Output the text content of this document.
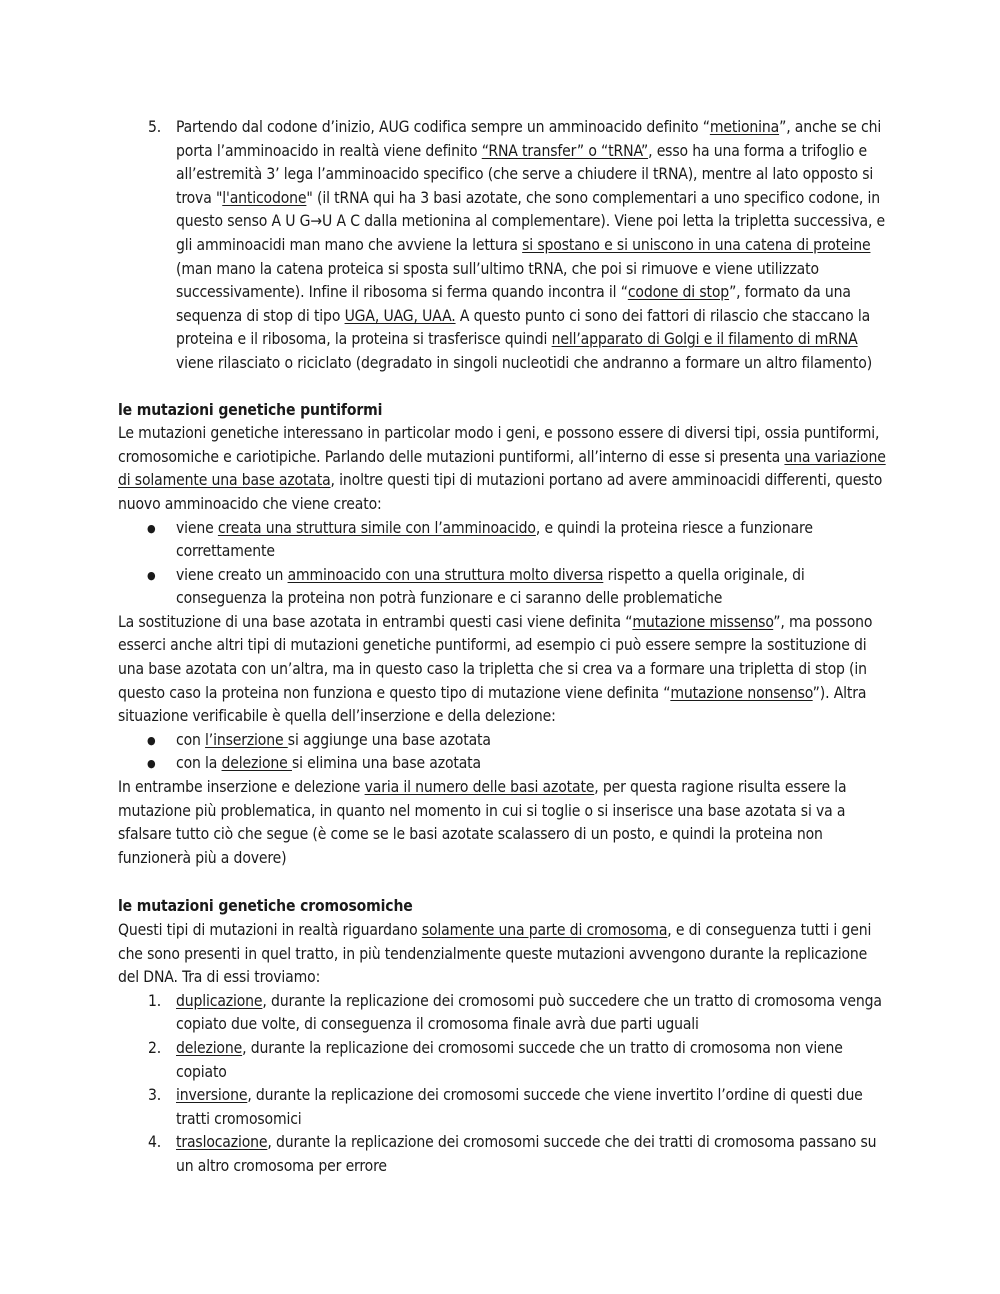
5. Partendo dal codone d’inizio, AUG codifica sempre un amminoacido definito “metionina”, anche se chi porta l’amminoacido in realtà viene definito “RNA transfer” o “tRNA”, esso ha una forma a trifoglio e all’estremità 3’ lega l’amminoacido specifico (che serve a chiudere il tRNA), mentre al lato opposto si trova "l'anticodone" (il tRNA qui ha 3 basi azotate, che sono complementari a uno specifico codone, in questo senso A U G→U A C dalla metionina al complementare). Viene poi letta la tripletta successiva, e gli amminoacidi man mano che avviene la lettura si spostano e si uniscono in una catena di proteine (man mano la catena proteica si sposta sull’ultimo tRNA, che poi si rimuove e viene utilizzato successivamente). Infine il ribosoma si ferma quando incontra il “codone di stop”, formato da una sequenza di stop di tipo UGA, UAG, UAA. A questo punto ci sono dei fattori di rilascio che staccano la proteina e il ribosoma, la proteina si trasferisce quindi nell’apparato di Golgi e il filamento di mRNA viene rilasciato o riciclato (degradato in singoli nucleotidi che andranno a formare un altro filamento)
le mutazioni genetiche puntiformi

Le mutazioni genetiche interessano in particolar modo i geni, e possono essere di diversi tipi, ossia puntiformi, cromosomiche e cariotipiche. Parlando delle mutazioni puntiformi, all’interno di esse si presenta una variazione di solamente una base azotata, inoltre questi tipi di mutazioni portano ad avere amminoacidi differenti, questo nuovo amminoacido che viene creato:

● viene creata una struttura simile con l’amminoacido, e quindi la proteina riesce a funzionare correttamente
● viene creato un amminoacido con una struttura molto diversa rispetto a quella originale, di conseguenza la proteina non potrà funzionare e ci saranno delle problematiche

La sostituzione di una base azotata in entrambi questi casi viene definita “mutazione missenso”, ma possono esserci anche altri tipi di mutazioni genetiche puntiformi, ad esempio ci può essere sempre la sostituzione di una base azotata con un’altra, ma in questo caso la tripletta che si crea va a formare una tripletta di stop (in questo caso la proteina non funziona e questo tipo di mutazione viene definita “mutazione nonsenso”). Altra situazione verificabile è quella dell’inserzione e della delezione:

● con l’inserzione si aggiunge una base azotata
● con la delezione si elimina una base azotata

In entrambe inserzione e delezione varia il numero delle basi azotate, per questa ragione risulta essere la mutazione più problematica, in quanto nel momento in cui si toglie o si inserisce una base azotata si va a sfalsare tutto ciò che segue (è come se le basi azotate scalassero di un posto, e quindi la proteina non funzionerà più a dovere)

le mutazioni genetiche cromosomiche

Questi tipi di mutazioni in realtà riguardano solamente una parte di cromosoma, e di conseguenza tutti i geni che sono presenti in quel tratto, in più tendenzialmente queste mutazioni avvengono durante la replicazione del DNA. Tra di essi troviamo:

1. duplicazione, durante la replicazione dei cromosomi può succedere che un tratto di cromosoma venga copiato due volte, di conseguenza il cromosoma finale avrà due parti uguali
2. delezione, durante la replicazione dei cromosomi succede che un tratto di cromosoma non viene copiato
3. inversione, durante la replicazione dei cromosomi succede che viene invertito l’ordine di questi due tratti cromosomici
4. traslocazione, durante la replicazione dei cromosomi succede che dei tratti di cromosoma passano su un altro cromosoma per errore
